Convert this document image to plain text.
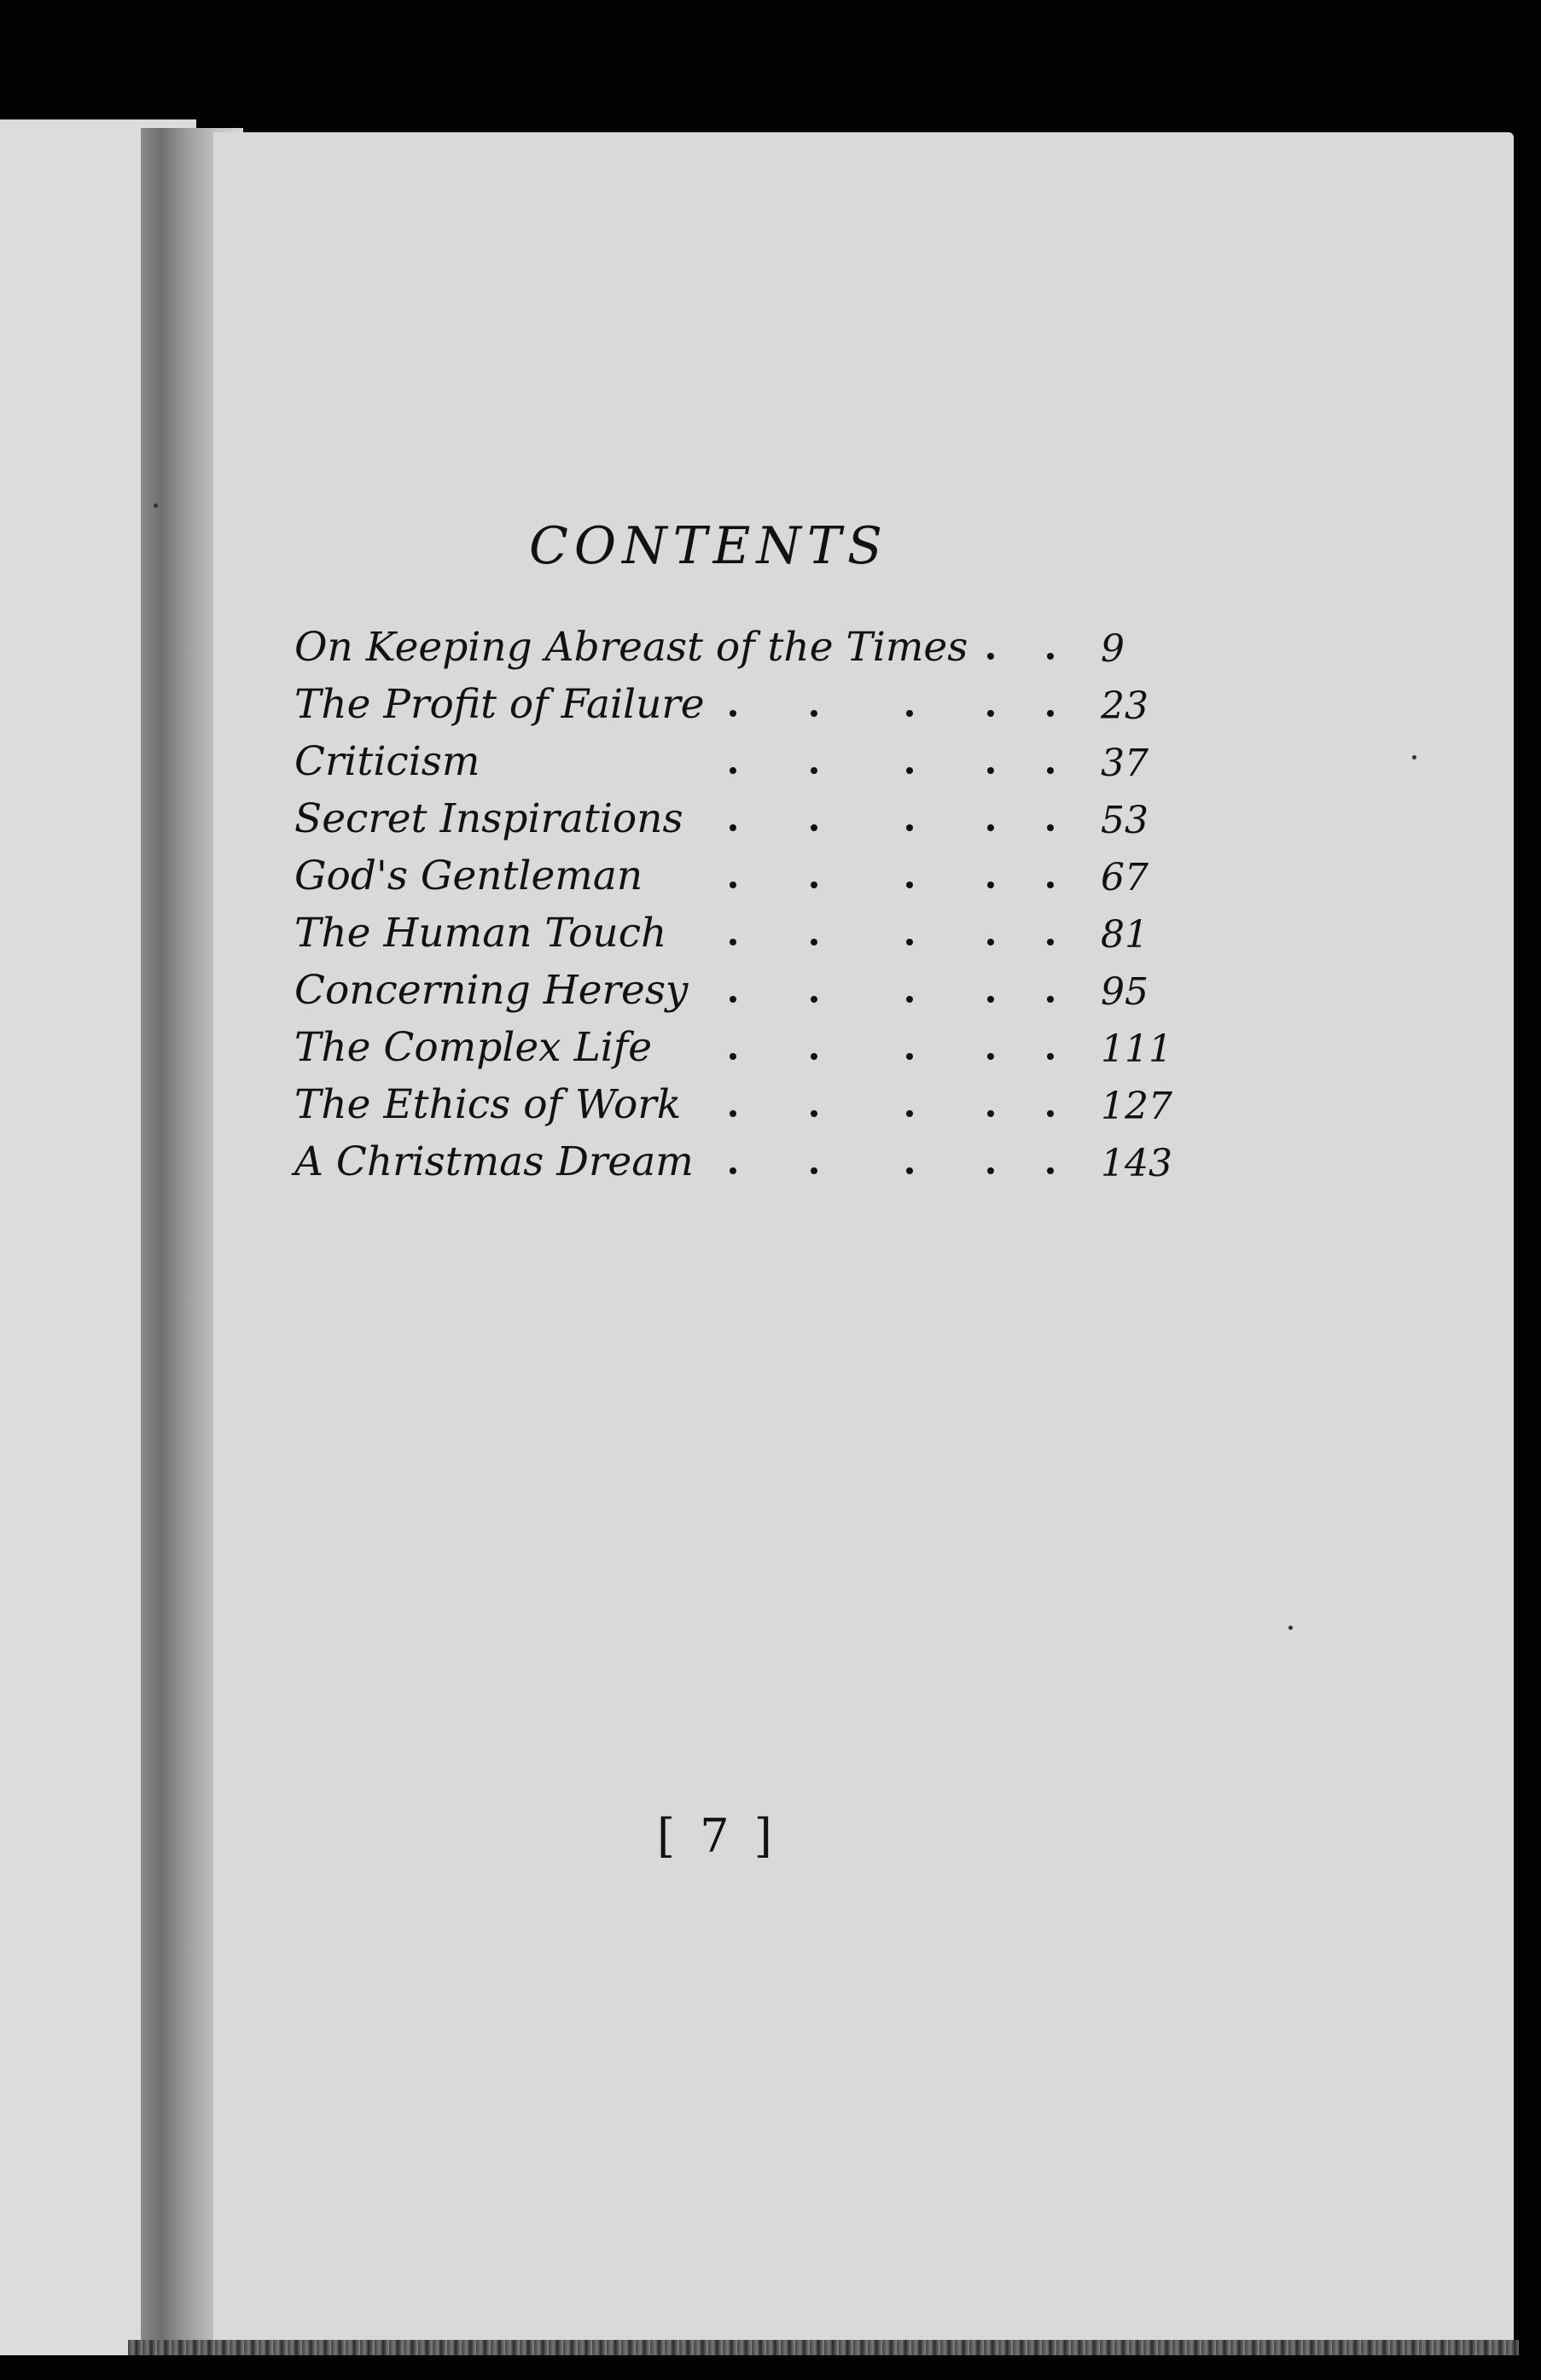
CONTENTS
On Keeping Abreast of the Times	9
The Profit of Failure	23
Criticism	37
Secret Inspirations	53
God's Gentleman	67
The Human Touch	81
Concerning Heresy	95
The Complex Life	111
The Ethics of Work	127
A Christmas Dream	143
[ 7 ]
